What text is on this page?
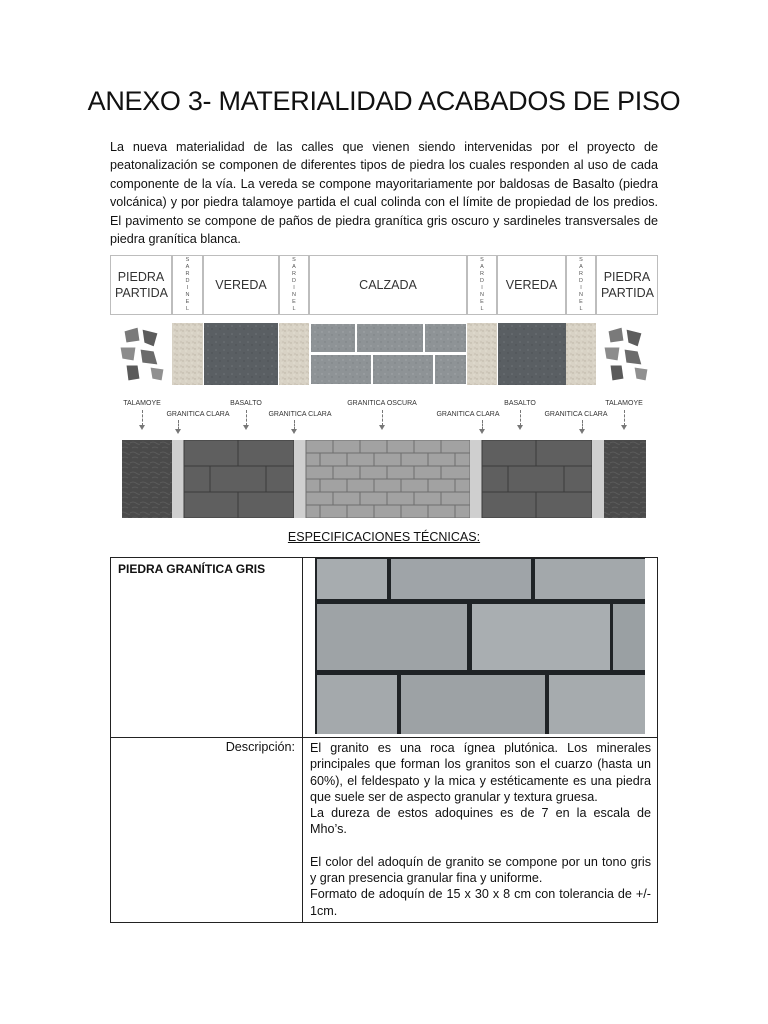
ANEXO 3- MATERIALIDAD ACABADOS DE PISO
La nueva materialidad de las calles que vienen siendo intervenidas por el proyecto de peatonalización se componen de diferentes tipos de piedra los cuales responden al uso de cada componente de la vía. La vereda se compone mayoritariamente por baldosas de Basalto (piedra volcánica) y por piedra talamoye partida el cual colinda con el límite de propiedad de los predios. El pavimento se compone de paños de piedra granítica gris oscuro y sardineles transversales de piedra granítica blanca.
PIEDRA PARTIDA
S
A
R
D
I
N
E
L
VEREDA
S
A
R
D
I
N
E
L
CALZADA
S
A
R
D
I
N
E
L
VEREDA
S
A
R
D
I
N
E
L
PIEDRA PARTIDA
TALAMOYE
GRANITICA CLARA
BASALTO
GRANITICA CLARA
GRANITICA OSCURA
GRANITICA CLARA
BASALTO
GRANITICA CLARA
TALAMOYE
ESPECIFICACIONES TÉCNICAS:
PIEDRA GRANÍTICA GRIS	
Descripción:	El granito es una roca ígnea plutónica. Los minerales principales que forman los granitos son el cuarzo (hasta un 60%), el feldespato y la mica y estéticamente es una piedra que suele ser de aspecto granular y textura gruesa.

La dureza de estos adoquines es de 7 en la escala de Mho’s.

El color del adoquín de granito se compone por un tono gris y gran presencia granular fina y uniforme.

Formato de adoquín de 15 x 30 x 8 cm con tolerancia de +/- 1cm.
